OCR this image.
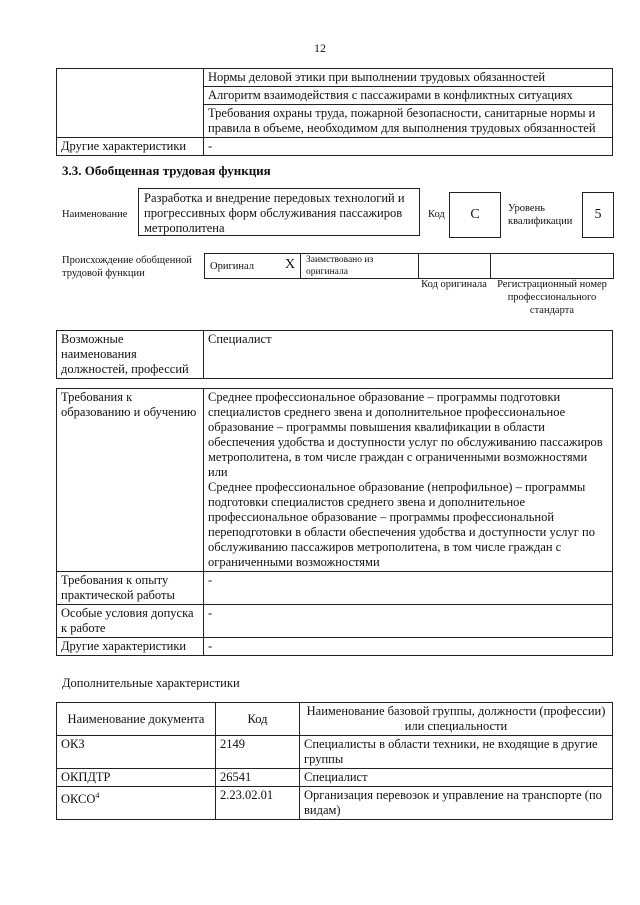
12
	Нормы деловой этики при выполнении трудовых обязанностей
	Алгоритм взаимодействия с пассажирами в конфликтных ситуациях
	Требования охраны труда, пожарной безопасности, санитарные нормы и правила в объеме, необходимом для выполнения трудовых обязанностей
Другие характеристики	-
3.3. Обобщенная трудовая функция
Наименование
Разработка и внедрение передовых технологий и прогрессивных форм обслуживания пассажиров метрополитена
Код	С	Уровень квалификации	5
Происхождение обобщенной трудовой функции
Оригинал Х Заимствовано из оригинала
Код оригинала Регистрационный номер профессионального стандарта
Возможные наименования должностей, профессий	Специалист
Требования к образованию и обучению	Среднее профессиональное образование – программы подготовки специалистов среднего звена и дополнительное профессиональное образование – программы повышения квалификации в области обеспечения удобства и доступности услуг по обслуживанию пассажиров метрополитена, в том числе граждан с ограниченными возможностями
или
Среднее профессиональное образование (непрофильное) – программы подготовки специалистов среднего звена и дополнительное профессиональное образование – программы профессиональной переподготовки в области обеспечения удобства и доступности услуг по обслуживанию пассажиров метрополитена, в том числе граждан с ограниченными возможностями

Требования к опыту практической работы	-
Особые условия допуска к работе	-
Другие характеристики	-
Дополнительные характеристики
Наименование документа	Код	Наименование базовой группы, должности (профессии) или специальности
ОКЗ	2149	Специалисты в области техники, не входящие в другие группы
ОКПДТР	26541	Специалист
ОКСО$^4$	2.23.02.01	Организация перевозок и управление на транспорте (по видам)
